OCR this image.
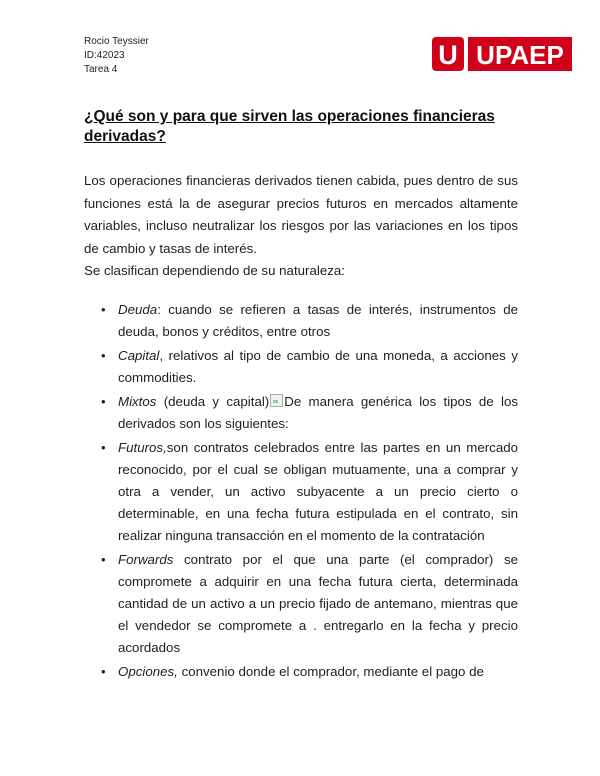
Rocio Teyssier
ID:42023
Tarea 4	U UPAEP
¿Qué son y para que sirven las operaciones financieras derivadas?

Los operaciones financieras derivados tienen cabida, pues dentro de sus funciones está la de asegurar precios futuros en mercados altamente variables, incluso neutralizar los riesgos por las variaciones en los tipos de cambio y tasas de interés.

Se clasifican dependiendo de su naturaleza:

• Deuda: cuando se refieren a tasas de interés, instrumentos de deuda, bonos y créditos, entre otros
• Capital, relativos al tipo de cambio de una moneda, a acciones y commodities.
• Mixtos (deuda y capital) De manera genérica los tipos de los derivados son los siguientes:
• Futuros,son contratos celebrados entre las partes en un mercado reconocido, por el cual se obligan mutuamente, una a comprar y otra a vender, un activo subyacente a un precio cierto o determinable, en una fecha futura estipulada en el contrato, sin realizar ninguna transacción en el momento de la contratación
• Forwards contrato por el que una parte (el comprador) se compromete a adquirir en una fecha futura cierta, determinada cantidad de un activo a un precio fijado de antemano, mientras que el vendedor se compromete a . entregarlo en la fecha y precio acordados
• Opciones, convenio donde el comprador, mediante el pago de
